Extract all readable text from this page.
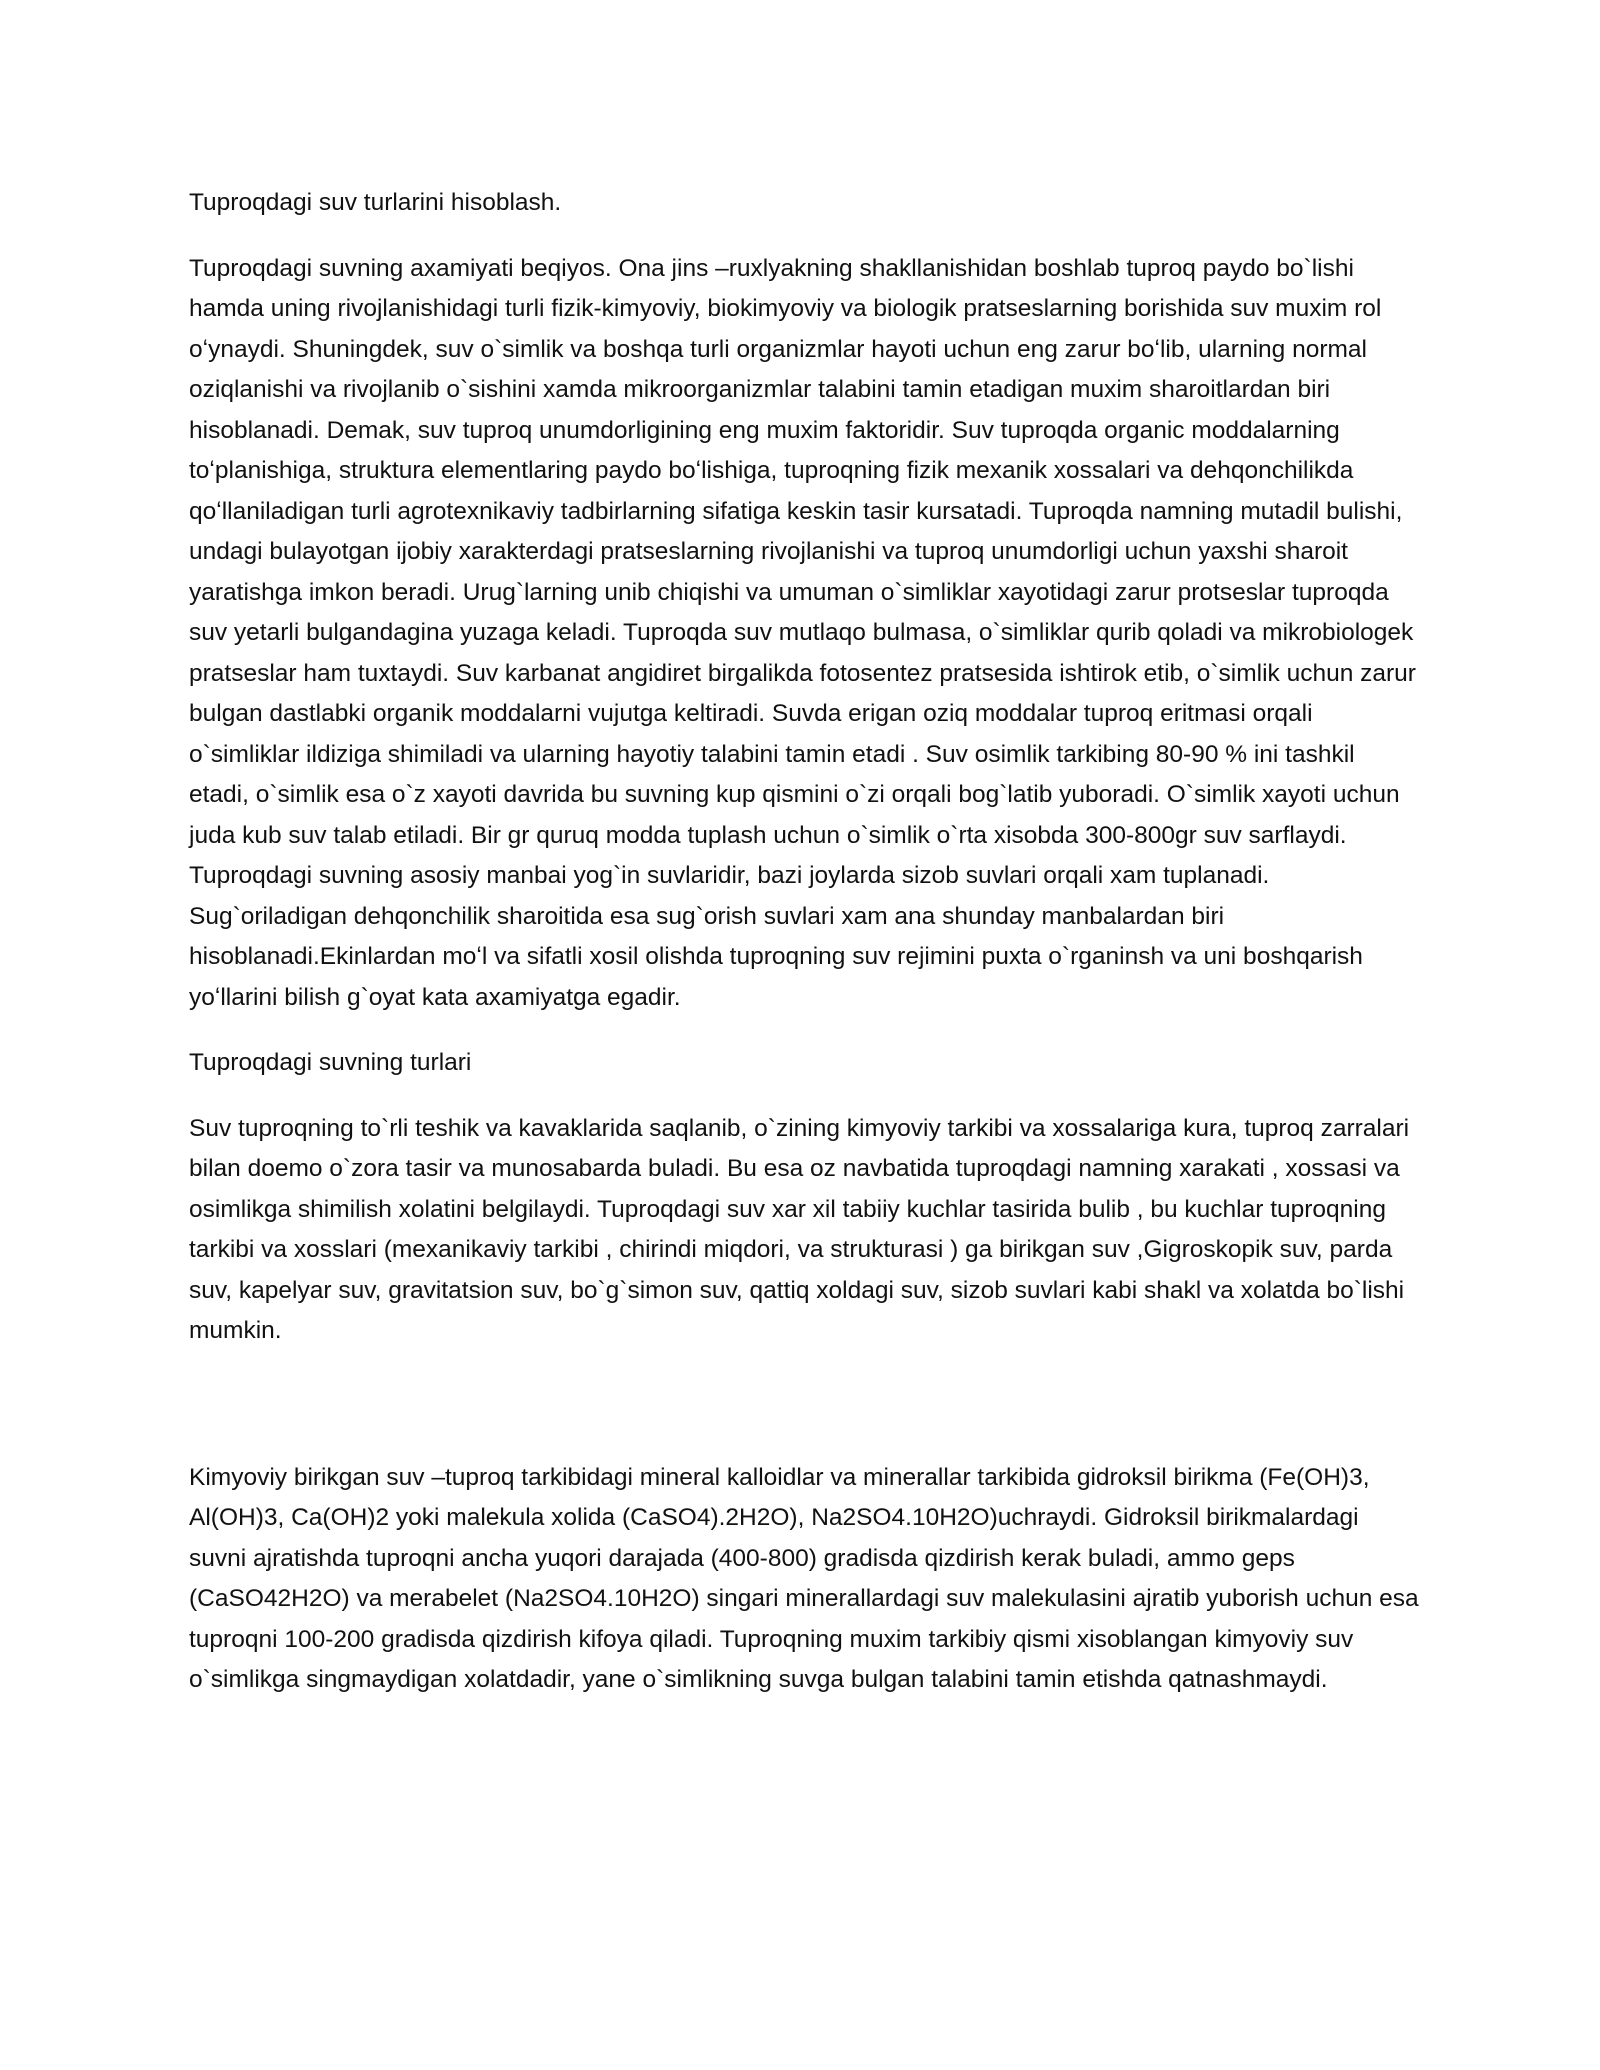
Tuproqdagi suv turlarini hisoblash.

Tuproqdagi suvning axamiyati beqiyos. Ona jins –ruxlyakning shakllanishidan boshlab tuproq paydo bo`lishi hamda uning rivojlanishidagi turli fizik-kimyoviy, biokimyoviy va biologik pratseslarning borishida suv muxim rol oʻynaydi. Shuningdek, suv o`simlik va boshqa turli organizmlar hayoti uchun eng zarur boʻlib, ularning normal oziqlanishi va rivojlanib o`sishini xamda mikroorganizmlar talabini tamin etadigan muxim sharoitlardan biri hisoblanadi. Demak, suv tuproq unumdorligining eng muxim faktoridir. Suv tuproqda organic moddalarning toʻplanishiga, struktura elementlaring paydo boʻlishiga, tuproqning fizik mexanik xossalari va dehqonchilikda qoʻllaniladigan turli agrotexnikaviy tadbirlarning sifatiga keskin tasir kursatadi. Tuproqda namning mutadil bulishi, undagi bulayotgan ijobiy xarakterdagi pratseslarning rivojlanishi va tuproq unumdorligi uchun yaxshi sharoit yaratishga imkon beradi. Urug`larning unib chiqishi va umuman o`simliklar xayotidagi zarur protseslar tuproqda suv yetarli bulgandagina yuzaga keladi. Tuproqda suv mutlaqo bulmasa, o`simliklar qurib qoladi va mikrobiologek pratseslar ham tuxtaydi. Suv karbanat angidiret birgalikda fotosentez pratsesida ishtirok etib, o`simlik uchun zarur bulgan dastlabki organik moddalarni vujutga keltiradi. Suvda erigan oziq moddalar tuproq eritmasi orqali o`simliklar ildiziga shimiladi va ularning hayotiy talabini tamin etadi . Suv osimlik tarkibing 80-90 % ini tashkil etadi, o`simlik esa o`z xayoti davrida bu suvning kup qismini o`zi orqali bog`latib yuboradi. O`simlik xayoti uchun juda kub suv talab etiladi. Bir gr quruq modda tuplash uchun o`simlik o`rta xisobda 300-800gr suv sarflaydi. Tuproqdagi suvning asosiy manbai yog`in suvlaridir, bazi joylarda sizob suvlari orqali xam tuplanadi. Sug`oriladigan dehqonchilik sharoitida esa sug`orish suvlari xam ana shunday manbalardan biri hisoblanadi.Ekinlardan moʻl va sifatli xosil olishda tuproqning suv rejimini puxta o`rganinsh va uni boshqarish yoʻllarini bilish g`oyat kata axamiyatga egadir.

Tuproqdagi suvning turlari

Suv tuproqning to`rli teshik va kavaklarida saqlanib, o`zining kimyoviy tarkibi va xossalariga kura, tuproq zarralari bilan doemo o`zora tasir va munosabarda buladi. Bu esa oz navbatida tuproqdagi namning xarakati , xossasi va osimlikga shimilish xolatini belgilaydi. Tuproqdagi suv xar xil tabiiy kuchlar tasirida bulib , bu kuchlar tuproqning tarkibi va xosslari (mexanikaviy tarkibi , chirindi miqdori, va strukturasi ) ga birikgan suv ,Gigroskopik suv, parda suv, kapelyar suv, gravitatsion suv, bo`g`simon suv, qattiq xoldagi suv, sizob suvlari kabi shakl va xolatda bo`lishi mumkin.

Kimyoviy birikgan suv –tuproq tarkibidagi mineral kalloidlar va minerallar tarkibida gidroksil birikma (Fe(OH)3, Al(OH)3, Ca(OH)2 yoki malekula xolida (CaSO4).2H2O), Na2SO4.10H2O)uchraydi. Gidroksil birikmalardagi suvni ajratishda tuproqni ancha yuqori darajada (400-800) gradisda qizdirish kerak buladi, ammo geps (CaSO42H2O) va merabelet (Na2SO4.10H2O) singari minerallardagi suv malekulasini ajratib yuborish uchun esa tuproqni 100-200 gradisda qizdirish kifoya qiladi. Tuproqning muxim tarkibiy qismi xisoblangan kimyoviy suv o`simlikga singmaydigan xolatdadir, yane o`simlikning suvga bulgan talabini tamin etishda qatnashmaydi.
